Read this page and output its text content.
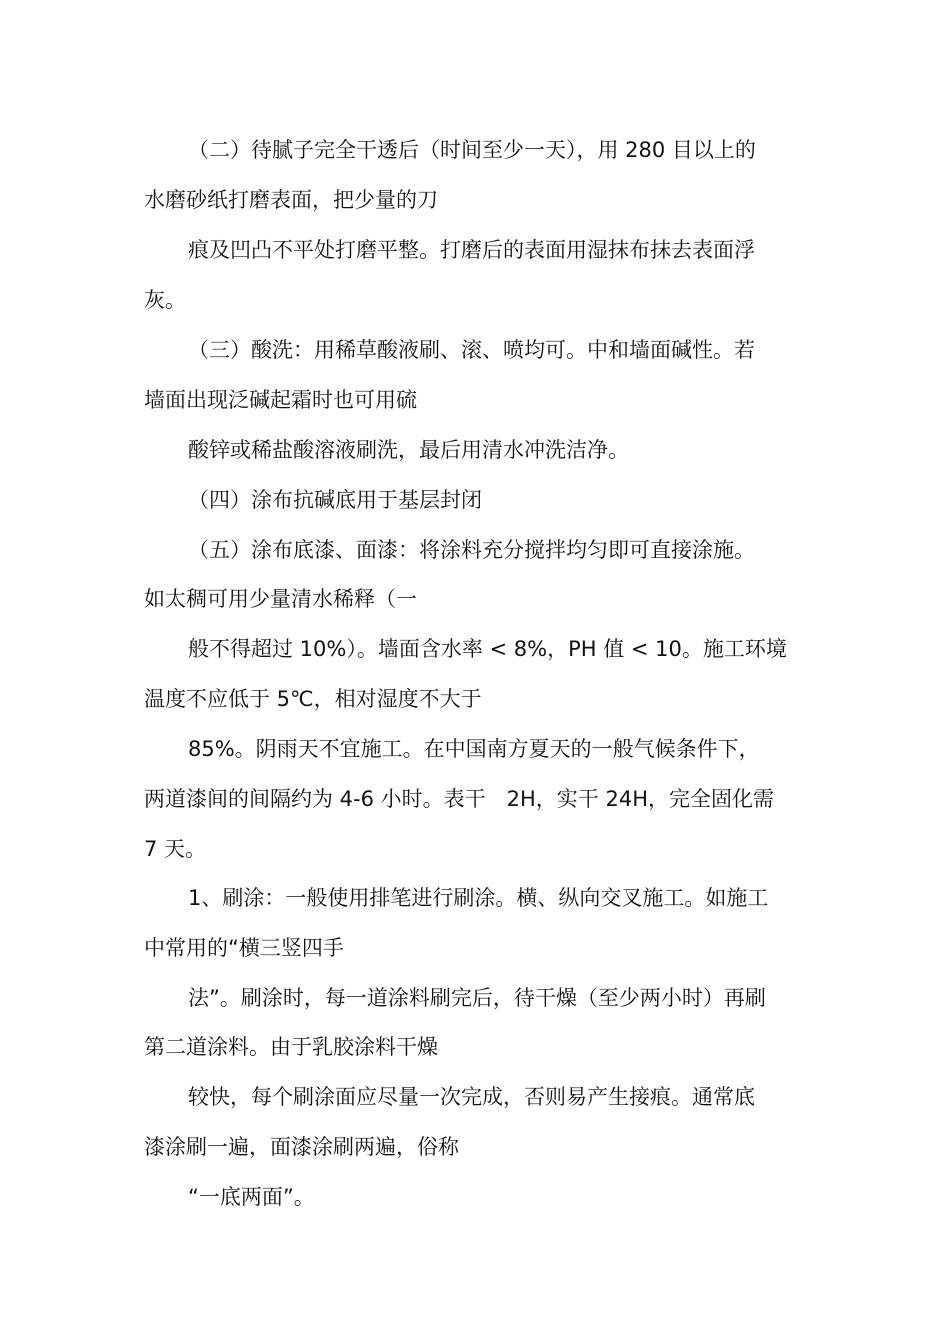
（二）待腻子完全干透后（时间至少一天），用 280 目以上的
水磨砂纸打磨表面，把少量的刀
痕及凹凸不平处打磨平整。打磨后的表面用湿抹布抹去表面浮
灰。
（三）酸洗：用稀草酸液刷、滚、喷均可。中和墙面碱性。若
墙面出现泛碱起霜时也可用硫
酸锌或稀盐酸溶液刷洗，最后用清水冲洗洁净。
（四）涂布抗碱底用于基层封闭
（五）涂布底漆、面漆：将涂料充分搅拌均匀即可直接涂施。
如太稠可用少量清水稀释（一
般不得超过 10%）。墙面含水率 < 8%，PH 值 < 10。施工环境
温度不应低于 5℃，相对湿度不大于
85%。阴雨天不宜施工。在中国南方夏天的一般气候条件下，
两道漆间的间隔约为 4-6 小时。表干　2H，实干 24H，完全固化需
7 天。
1、刷涂：一般使用排笔进行刷涂。横、纵向交叉施工。如施工
中常用的“横三竖四手
法”。刷涂时，每一道涂料刷完后，待干燥（至少两小时）再刷
第二道涂料。由于乳胶涂料干燥
较快，每个刷涂面应尽量一次完成，否则易产生接痕。通常底
漆涂刷一遍，面漆涂刷两遍，俗称
“一底两面”。
